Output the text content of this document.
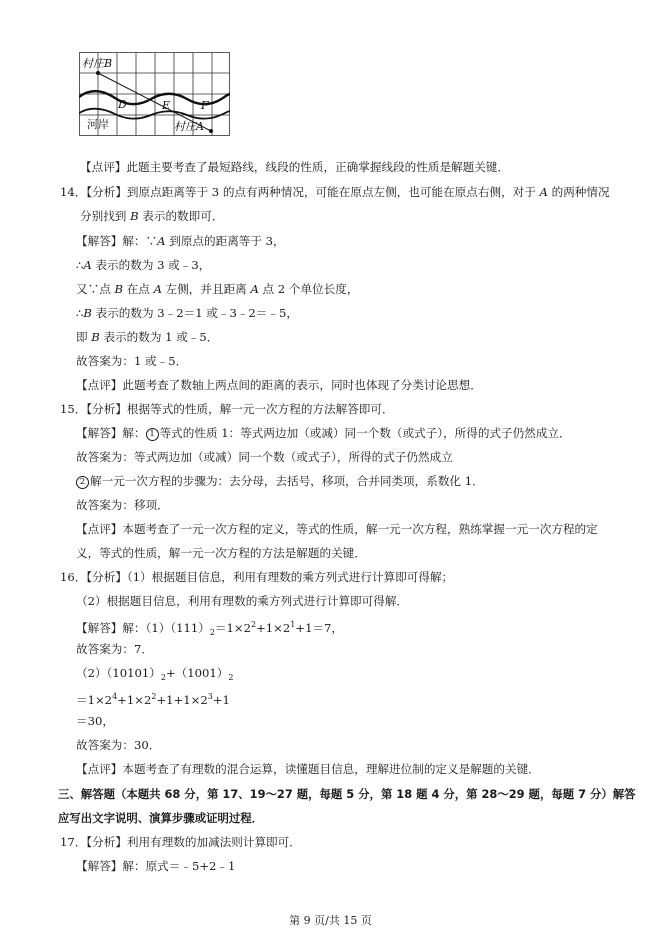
村庄B
D	E	F
河岸	村庄A
【点评】此题主要考查了最短路线，线段的性质，正确掌握线段的性质是解题关键．
14．【分析】到原点距离等于 3 的点有两种情况，可能在原点左侧，也可能在原点右侧，对于 A 的两种情况
分别找到 B 表示的数即可．
【解答】解：∵A 到原点的距离等于 3，
∴A 表示的数为 3 或﹣3，
又∵点 B 在点 A 左侧，并且距离 A 点 2 个单位长度，
∴B 表示的数为 3﹣2＝1 或﹣3﹣2＝﹣5，
即 B 表示的数为 1 或﹣5．
故答案为：1 或﹣5．
【点评】此题考查了数轴上两点间的距离的表示，同时也体现了分类讨论思想．
15．【分析】根据等式的性质，解一元一次方程的方法解答即可．
【解答】解： 1 等式的性质 1：等式两边加（或减）同一个数（或式子），所得的式子仍然成立．
故答案为：等式两边加（或减）同一个数（或式子），所得的式子仍然成立
2 解一元一次方程的步骤为：去分母，去括号，移项，合并同类项，系数化 1．
故答案为：移项．
【点评】本题考查了一元一次方程的定义，等式的性质，解一元一次方程，熟练掌握一元一次方程的定
义，等式的性质，解一元一次方程的方法是解题的关键．
16．【分析】（1）根据题目信息，利用有理数的乘方列式进行计算即可得解；
（2）根据题目信息，利用有理数的乘方列式进行计算即可得解．
【解答】解：$(1)(111)_2=1\times 2^2+1\times 2^1+1=7$，
故答案为：7．
$(2)(10101)_2+(1001)_2$
$=1\times 2^4+1\times 2^2+1+1\times 2^3+1$
＝30，
故答案为：30．
【点评】本题考查了有理数的混合运算，读懂题目信息，理解进位制的定义是解题的关键．
三、解答题（本题共 68 分，第 17、19～27 题，每题 5 分，第 18 题 4 分，第 28～29 题，每题 7 分）解答
应写出文字说明、演算步骤或证明过程．
17．【分析】利用有理数的加减法则计算即可．
【解答】解：原式＝﹣5+2﹣1
第 9 页/共 15 页
